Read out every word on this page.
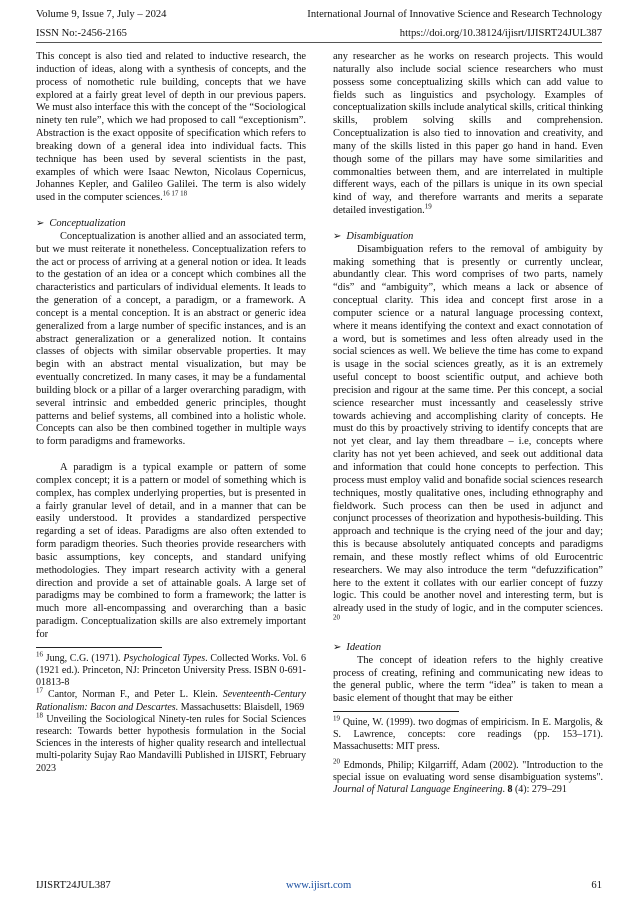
Volume 9, Issue 7, July – 2024	International Journal of Innovative Science and Research Technology
ISSN No:-2456-2165	https://doi.org/10.38124/ijisrt/IJISRT24JUL387

This concept is also tied and related to inductive research, the induction of ideas, along with a synthesis of concepts, and the process of nomothetic rule building, concepts that we have explored at a fairly great level of depth in our previous papers. We must also interface this with the concept of the “Sociological ninety ten rule”, which we had proposed to call “exceptionism”. Abstraction is the exact opposite of specification which refers to breaking down of a general idea into individual facts. This technique has been used by several scientists in the past, examples of which were Isaac Newton, Nicolaus Copernicus, Johannes Kepler, and Galileo Galilei. The term is also widely used in the computer sciences.$^{16 17 18}$

➢ Conceptualization

Conceptualization is another allied and an associated term, but we must reiterate it nonetheless. Conceptualization refers to the act or process of arriving at a general notion or idea. It leads to the gestation of an idea or a concept which combines all the characteristics and particulars of individual elements. It leads to the generation of a concept, a paradigm, or a framework. A concept is a mental conception. It is an abstract or generic idea generalized from a large number of specific instances, and is an abstract generalization or a generalized notion. It contains classes of objects with similar observable properties. It may begin with an abstract mental visualization, but may be eventually concretized. In many cases, it may be a fundamental building block or a pillar of a larger overarching paradigm, with several intrinsic and embedded generic principles, thought patterns and belief systems, all combined into a holistic whole. Concepts can also be then combined together in multiple ways to form paradigms and frameworks.

A paradigm is a typical example or pattern of some complex concept; it is a pattern or model of something which is complex, has complex underlying properties, but is presented in a fairly granular level of detail, and in a manner that can be easily understood. It provides a standardized perspective regarding a set of ideas. Paradigms are also often extended to form paradigm theories. Such theories provide researchers with basic assumptions, key concepts, and standard unifying methodologies. They impart research activity with a general direction and provide a set of attainable goals. A large set of paradigms may be combined to form a framework; the latter is much more all-encompassing and overarching than a basic paradigm. Conceptualization skills are also extremely important for

$^{16}$ Jung, C.G. (1971). Psychological Types. Collected Works. Vol. 6 (1921 ed.). Princeton, NJ: Princeton University Press. ISBN 0-691-01813-8

$^{17}$ Cantor, Norman F., and Peter L. Klein. Seventeenth-Century Rationalism: Bacon and Descartes. Massachusetts: Blaisdell, 1969

$^{18}$ Unveiling the Sociological Ninety-ten rules for Social Sciences research: Towards better hypothesis formulation in the Social Sciences in the interests of higher quality research and intellectual multi-polarity Sujay Rao Mandavilli Published in IJISRT, February 2023

any researcher as he works on research projects. This would naturally also include social science researchers who must possess some conceptualizing skills which can add value to fields such as linguistics and psychology. Examples of conceptualization skills include analytical skills, critical thinking skills, problem solving skills and comprehension. Conceptualization is also tied to innovation and creativity, and many of the skills listed in this paper go hand in hand. Even though some of the pillars may have some similarities and commonalties between them, and are interrelated in multiple different ways, each of the pillars is unique in its own special kind of way, and therefore warrants and merits a separate detailed investigation.$^{19}$

➢ Disambiguation

Disambiguation refers to the removal of ambiguity by making something that is presently or currently unclear, abundantly clear. This word comprises of two parts, namely “dis” and “ambiguity”, which means a lack or absence of conceptual clarity. This idea and concept first arose in a computer science or a natural language processing context, where it means identifying the context and exact connotation of a word, but is sometimes and less often already used in the social sciences as well. We believe the time has come to expand is usage in the social sciences greatly, as it is an extremely useful concept to boost scientific output, and achieve both precision and rigour at the same time. Per this concept, a social science researcher must incessantly and ceaselessly strive towards achieving and accomplishing clarity of concepts. He must do this by proactively striving to identify concepts that are not yet clear, and lay them threadbare – i.e, concepts where clarity has not yet been achieved, and seek out additional data and information that could hone concepts to perfection. This process must employ valid and bonafide social sciences research techniques, mostly qualitative ones, including ethnography and fieldwork. Such process can then be used in adjunct and conjunct processes of theorization and hypothesis-building. This approach and technique is the crying need of the jour and day; this is because absolutely antiquated concepts and paradigms remain, and these mostly reflect whims of old Eurocentric researchers. We may also introduce the term “defuzzification” here to the extent it collates with our earlier concept of fuzzy logic. This could be another novel and interesting term, but is already used in the study of logic, and in the computer sciences. $^{20}$

➢ Ideation

The concept of ideation refers to the highly creative process of creating, refining and communicating new ideas to the general public, where the term “idea” is taken to mean a basic element of thought that may be either

$^{19}$ Quine, W. (1999). two dogmas of empiricism. In E. Margolis, & S. Lawrence, concepts: core readings (pp. 153–171). Massachusetts: MIT press.

$^{20}$ Edmonds, Philip; Kilgarriff, Adam (2002). "Introduction to the special issue on evaluating word sense disambiguation systems". Journal of Natural Language Engineering. 8 (4): 279–291

IJISRT24JUL387	www.ijisrt.com	61
